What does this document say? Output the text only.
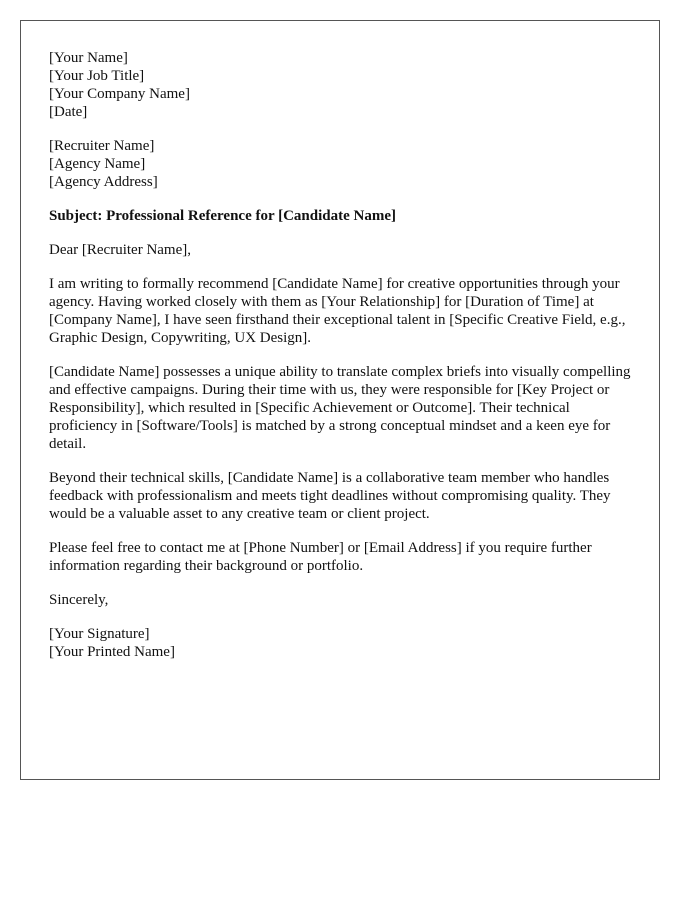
[Your Name]
[Your Job Title]
[Your Company Name]
[Date]
[Recruiter Name]
[Agency Name]
[Agency Address]

Subject: Professional Reference for [Candidate Name]

Dear [Recruiter Name],

I am writing to formally recommend [Candidate Name] for creative opportunities through your agency. Having worked closely with them as [Your Relationship] for [Duration of Time] at [Company Name], I have seen firsthand their exceptional talent in [Specific Creative Field, e.g., Graphic Design, Copywriting, UX Design].

[Candidate Name] possesses a unique ability to translate complex briefs into visually compelling and effective campaigns. During their time with us, they were responsible for [Key Project or Responsibility], which resulted in [Specific Achievement or Outcome]. Their technical proficiency in [Software/Tools] is matched by a strong conceptual mindset and a keen eye for detail.

Beyond their technical skills, [Candidate Name] is a collaborative team member who handles feedback with professionalism and meets tight deadlines without compromising quality. They would be a valuable asset to any creative team or client project.

Please feel free to contact me at [Phone Number] or [Email Address] if you require further information regarding their background or portfolio.

Sincerely,

[Your Signature]
[Your Printed Name]
